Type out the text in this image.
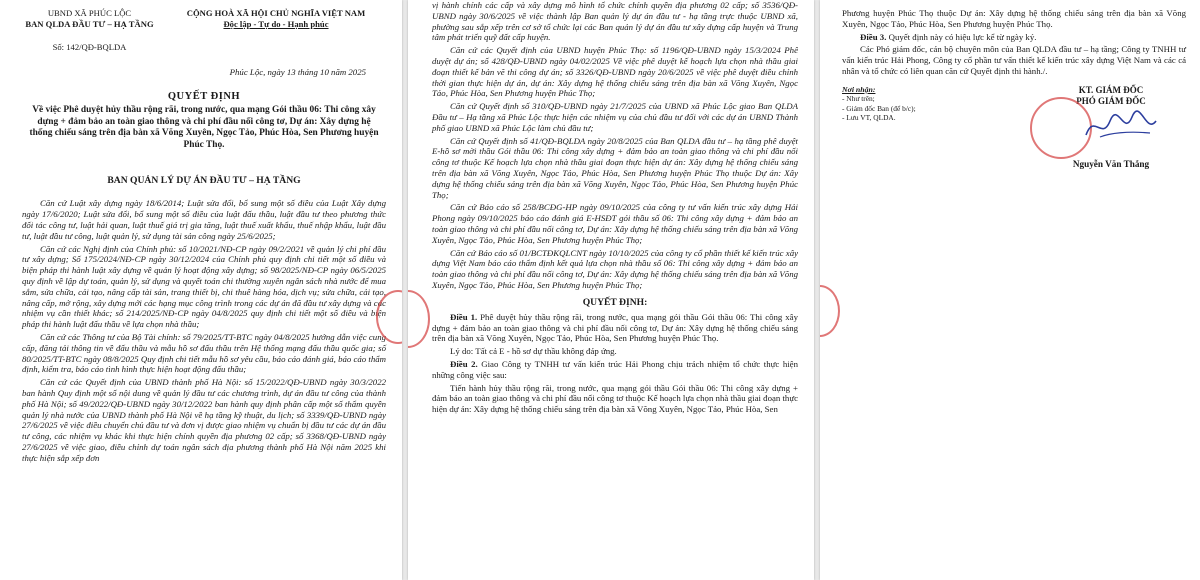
UBND XÃ PHÚC LỘC
BAN QLDA ĐẦU TƯ – HẠ TẦNG
Số: 142/QĐ-BQLDA
CỘNG HOÀ XÃ HỘI CHỦ NGHĨA VIỆT NAM
Độc lập - Tự do - Hạnh phúc
Phúc Lộc, ngày 13 tháng 10 năm 2025
QUYẾT ĐỊNH
Về việc Phê duyệt hủy thầu rộng rãi, trong nước, qua mạng Gói thầu 06: Thi công xây dựng + đảm bảo an toàn giao thông và chi phí đầu nối công tơ, Dự án: Xây dựng hệ thống chiếu sáng trên địa bàn xã Võng Xuyên, Ngọc Tảo, Phúc Hòa, Sen Phương huyện Phúc Thọ.
BAN QUẢN LÝ DỰ ÁN ĐẦU TƯ – HẠ TẦNG

Căn cứ Luật xây dựng ngày 18/6/2014; Luật sửa đổi, bổ sung một số điều của Luật Xây dựng ngày 17/6/2020; Luật sửa đổi, bổ sung một số điều của luật đấu thầu, luật đầu tư theo phương thức đối tác công tư, luật hải quan, luật thuế giá trị gia tăng, luật thuế xuất khẩu, thuế nhập khẩu, luật đầu tư, luật đầu tư công, luật quản lý, sử dụng tài sản công ngày 25/6/2025;

Căn cứ các Nghị định của Chính phủ: số 10/2021/NĐ-CP ngày 09/2/2021 về quản lý chi phí đầu tư xây dựng; Số 175/2024/NĐ-CP ngày 30/12/2024 của Chính phủ quy định chi tiết một số điều và biện pháp thi hành luật xây dựng về quản lý hoạt động xây dựng; số 98/2025/NĐ-CP ngày 06/5/2025 quy định về lập dự toán, quản lý, sử dụng và quyết toán chi thường xuyên ngân sách nhà nước để mua sắm, sửa chữa, cải tạo, nâng cấp tài sản, trang thiết bị, chi thuê hàng hóa, dịch vụ; sửa chữa, cải tạo, nâng cấp, mở rộng, xây dựng mới các hạng mục công trình trong các dự án đã đầu tư xây dựng và các nhiệm vụ cần thiết khác; số 214/2025/NĐ-CP ngày 04/8/2025 quy định chi tiết một số điều và biện pháp thi hành luật đấu thầu về lựa chọn nhà thầu;

Căn cứ các Thông tư của Bộ Tài chính: số 79/2025/TT-BTC ngày 04/8/2025 hướng dẫn việc cung cấp, đăng tải thông tin về đấu thầu và mẫu hồ sơ đấu thầu trên Hệ thống mạng đấu thầu quốc gia; số 80/2025/TT-BTC ngày 08/8/2025 Quy định chi tiết mẫu hồ sơ yêu cầu, báo cáo đánh giá, báo cáo thẩm định, kiểm tra, báo cáo tình hình thực hiện hoạt động đấu thầu;

Căn cứ các Quyết định của UBND thành phố Hà Nội: số 15/2022/QĐ-UBND ngày 30/3/2022 ban hành Quy định một số nội dung về quản lý đầu tư các chương trình, dự án đầu tư công của thành phố Hà Nội; số 49/2022/QĐ-UBND ngày 30/12/2022 ban hành quy định phân cấp một số thẩm quyền quản lý nhà nước của UBND thành phố Hà Nội về hạ tầng kỹ thuật, du lịch; số 3339/QĐ-UBND ngày 27/6/2025 về việc điều chuyển chủ đầu tư và đơn vị được giao nhiệm vụ chuẩn bị đầu tư các dự án đầu tư công, các nhiệm vụ khác khi thực hiện chính quyền địa phương 02 cấp; số 3368/QĐ-UBND ngày 27/6/2025 về việc giao, điều chỉnh dự toán ngân sách địa phương thành phố Hà Nội năm 2025 khi thực hiện sắp xếp đơn

vị hành chính các cấp và xây dựng mô hình tổ chức chính quyền địa phương 02 cấp; số 3536/QĐ-UBND ngày 30/6/2025 về việc thành lập Ban quản lý dự án đầu tư - hạ tầng trực thuộc UBND xã, phường sau sắp xếp trên cơ sở tổ chức lại các Ban quản lý dự án đầu tư xây dựng cấp huyện và Trung tâm phát triển quỹ đất cấp huyện.

Căn cứ các Quyết định của UBND huyện Phúc Thọ: số 1196/QĐ-UBND ngày 15/3/2024 Phê duyệt dự án; số 428/QĐ-UBND ngày 04/02/2025 Về việc phê duyệt kế hoạch lựa chọn nhà thầu giai đoạn thiết kế bản vẽ thi công dự án; số 3326/QĐ-UBND ngày 20/6/2025 về việc phê duyệt điều chỉnh thời gian thực hiện dự án, dự án: Xây dựng hệ thống chiếu sáng trên địa bàn xã Võng Xuyên, Ngọc Tảo, Phúc Hòa, Sen Phương huyện Phúc Thọ;

Căn cứ Quyết định số 310/QĐ-UBND ngày 21/7/2025 của UBND xã Phúc Lộc giao Ban QLDA Đầu tư – Hạ tầng xã Phúc Lộc thực hiện các nhiệm vụ của chủ đầu tư đối với các dự án UBND Thành phố giao UBND xã Phúc Lộc làm chủ đầu tư;

Căn cứ Quyết định số 41/QĐ-BQLDA ngày 20/8/2025 của Ban QLDA đầu tư – hạ tầng phê duyệt E-hồ sơ mời thầu Gói thầu 06: Thi công xây dựng + đảm bảo an toàn giao thông và chi phí đầu nối công tơ thuộc Kế hoạch lựa chọn nhà thầu giai đoạn thực hiện dự án: Xây dựng hệ thống chiếu sáng trên địa bàn xã Võng Xuyên, Ngọc Tảo, Phúc Hòa, Sen Phương huyện Phúc Thọ thuộc Dự án: Xây dựng hệ thống chiếu sáng trên địa bàn xã Võng Xuyên, Ngọc Tảo, Phúc Hòa, Sen Phương huyện Phúc Thọ;

Căn cứ Báo cáo số 258/BCĐG-HP ngày 09/10/2025 của công ty tư vấn kiến trúc xây dựng Hải Phong ngày 09/10/2025 báo cáo đánh giá E-HSĐT gói thầu số 06: Thi công xây dựng + đảm bảo an toàn giao thông và chi phí đầu nối công tơ, Dự án: Xây dựng hệ thống chiếu sáng trên địa bàn xã Võng Xuyên, Ngọc Tảo, Phúc Hòa, Sen Phương huyện Phúc Thọ;

Căn cứ Báo cáo số 01/BCTĐKQLCNT ngày 10/10/2025 của công ty cổ phần thiết kế kiến trúc xây dựng Việt Nam báo cáo thẩm định kết quả lựa chọn nhà thầu số 06: Thi công xây dựng + đảm bảo an toàn giao thông và chi phí đầu nối công tơ, Dự án: Xây dựng hệ thống chiếu sáng trên địa bàn xã Võng Xuyên, Ngọc Tảo, Phúc Hòa, Sen Phương huyện Phúc Thọ;

QUYẾT ĐỊNH:

Điều 1. Phê duyệt hủy thầu rộng rãi, trong nước, qua mạng gói thầu Gói thầu 06: Thi công xây dựng + đảm bảo an toàn giao thông và chi phí đầu nối công tơ, Dự án: Xây dựng hệ thống chiếu sáng trên địa bàn xã Võng Xuyên, Ngọc Tảo, Phúc Hòa, Sen Phương huyện Phúc Thọ.

Lý do: Tất cả E - hồ sơ dự thầu không đáp ứng.

Điều 2. Giao Công ty TNHH tư vấn kiến trúc Hải Phong chịu trách nhiệm tổ chức thực hiện những công việc sau:

Tiến hành hủy thầu rộng rãi, trong nước, qua mạng gói thầu Gói thầu 06: Thi công xây dựng + đảm bảo an toàn giao thông và chi phí đầu nối công tơ thuộc Kế hoạch lựa chọn nhà thầu giai đoạn thực hiện dự án: Xây dựng hệ thống chiếu sáng trên địa bàn xã Võng Xuyên, Ngọc Tảo, Phúc Hòa, Sen

Phương huyện Phúc Thọ thuộc Dự án: Xây dựng hệ thống chiếu sáng trên địa bàn xã Võng Xuyên, Ngọc Tảo, Phúc Hòa, Sen Phương huyện Phúc Thọ.

Điều 3. Quyết định này có hiệu lực kể từ ngày ký.

Các Phó giám đốc, cán bộ chuyên môn của Ban QLDA đầu tư – hạ tầng; Công ty TNHH tư vấn kiến trúc Hải Phong, Công ty cổ phần tư vấn thiết kế kiến trúc xây dựng Việt Nam và các cá nhân và tổ chức có liên quan căn cứ Quyết định thi hành./.

Nơi nhận:
- Như trên;
- Giám đốc Ban (để b/c);
- Lưu VT, QLDA.
KT. GIÁM ĐỐC
PHÓ GIÁM ĐỐC
Nguyễn Văn Thắng
